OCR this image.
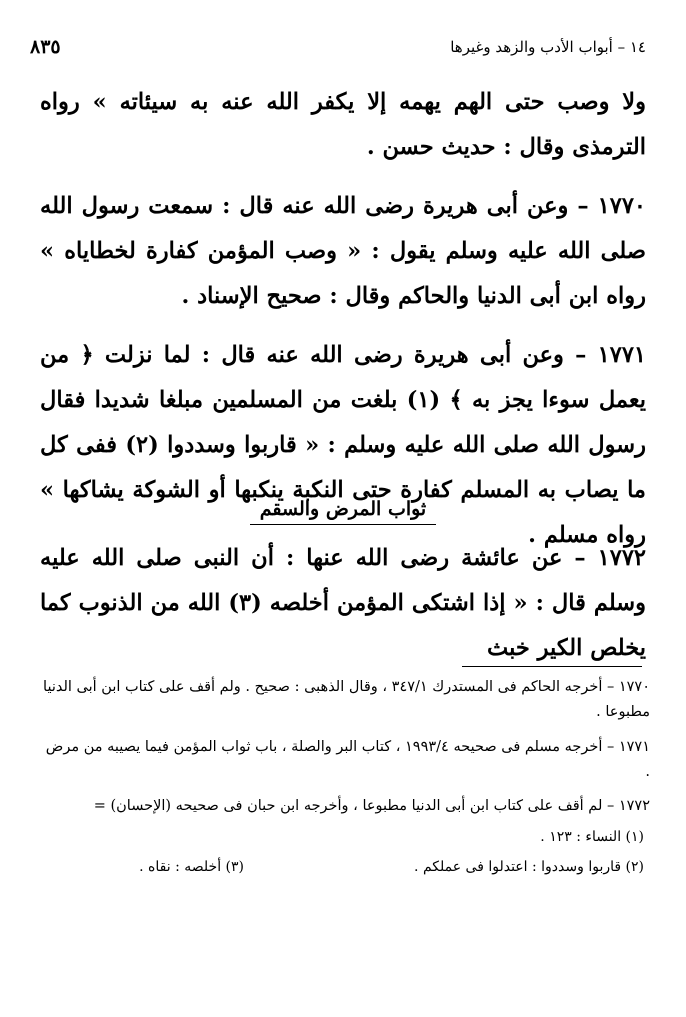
١٤ – أبواب الأدب والزهد وغيرها
٨٣٥

ولا وصب حتى الهم يهمه إلا يكفر الله عنه به سيئاته » رواه الترمذى وقال : حديث حسن .

١٧٧٠ – وعن أبى هريرة رضى الله عنه قال : سمعت رسول الله صلى الله عليه وسلم يقول : « وصب المؤمن كفارة لخطاياه » رواه ابن أبى الدنيا والحاكم وقال : صحيح الإسناد .

١٧٧١ – وعن أبى هريرة رضى الله عنه قال : لما نزلت ﴿ من يعمل سوءا يجز به ﴾ (١) بلغت من المسلمين مبلغا شديدا فقال رسول الله صلى الله عليه وسلم : « قاربوا وسددوا (٢) ففى كل ما يصاب به المسلم كفارة حتى النكبة ينكبها أو الشوكة يشاكها » رواه مسلم .

ثواب المرض والسقم

١٧٧٢ – عن عائشة رضى الله عنها : أن النبى صلى الله عليه وسلم قال : « إذا اشتكى المؤمن أخلصه (٣) الله من الذنوب كما يخلص الكير خبث

١٧٧٠ – أخرجه الحاكم فى المستدرك ٣٤٧/١ ، وقال الذهبى : صحيح . ولم أقف على كتاب ابن أبى الدنيا مطبوعا .
١٧٧١ – أخرجه مسلم فى صحيحه ١٩٩٣/٤ ، كتاب البر والصلة ، باب ثواب المؤمن فيما يصيبه من مرض .
١٧٧٢ – لم أقف على كتاب ابن أبى الدنيا مطبوعا ، وأخرجه ابن حبان فى صحيحه (الإحسان) =
(١) النساء : ١٢٣ .
(٢) قاربوا وسددوا : اعتدلوا فى عملكم .
(٣) أخلصه : نقاه .
